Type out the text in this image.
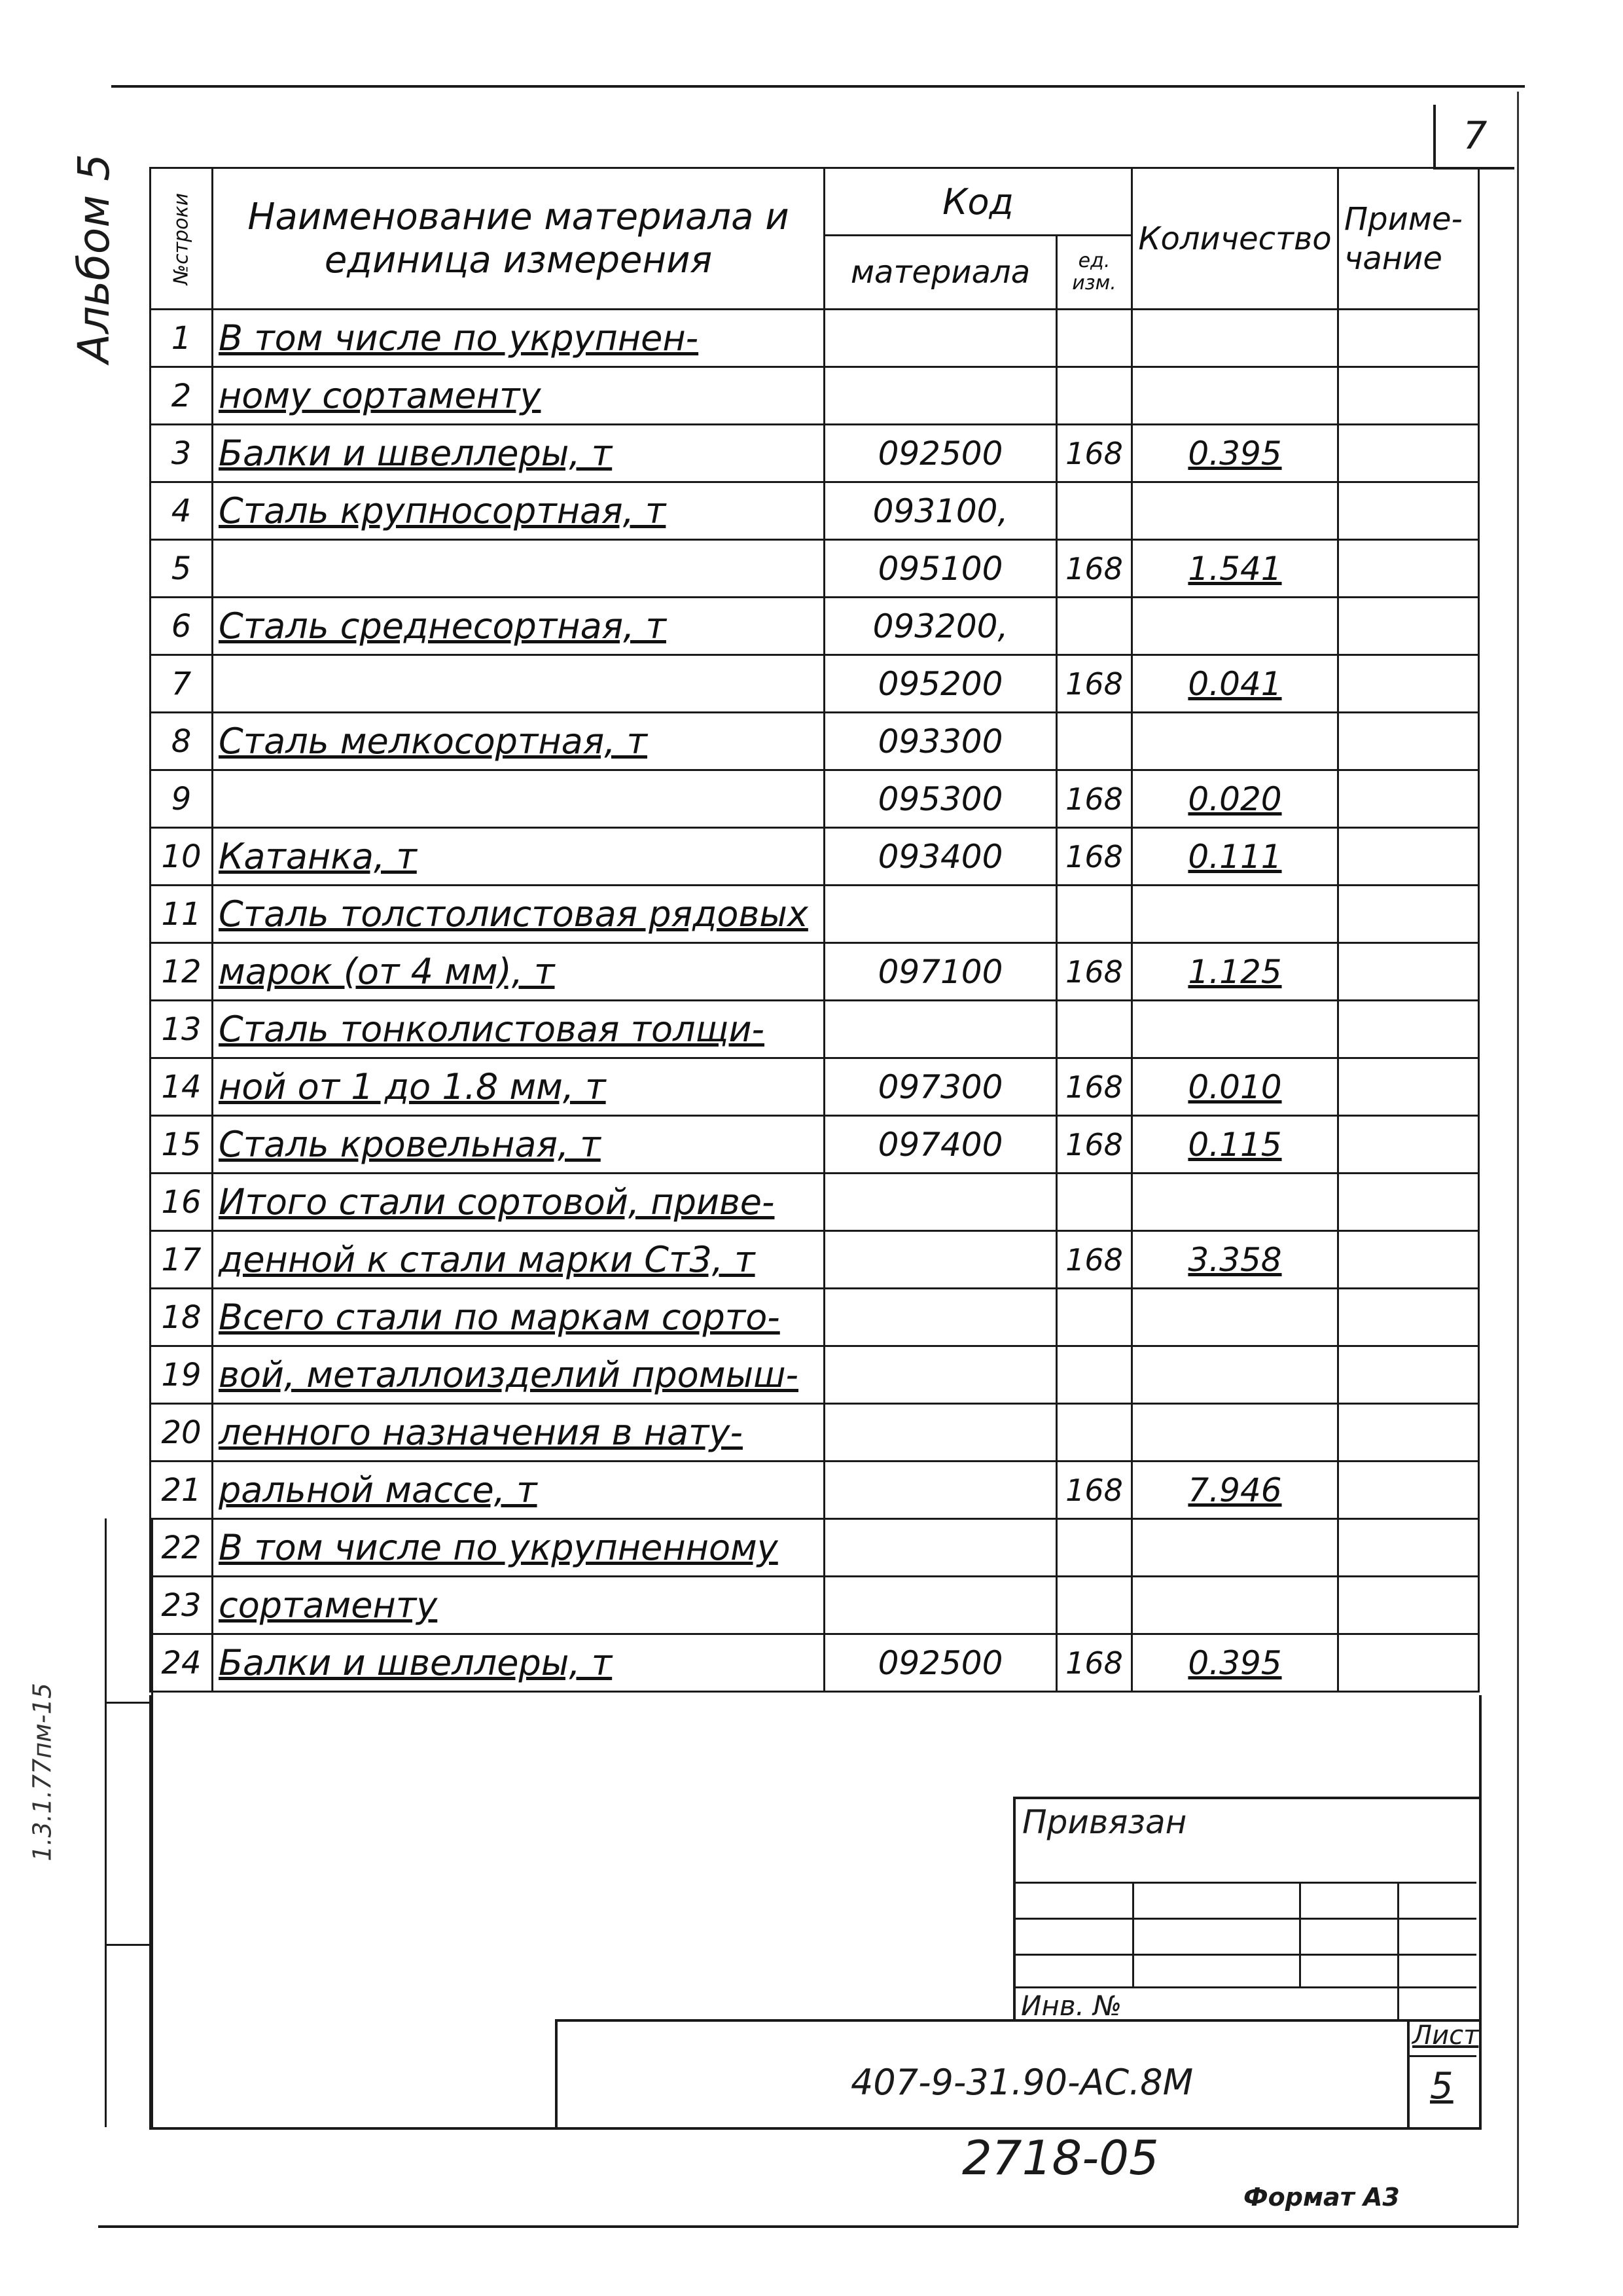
7
Альбом 5
1.3.1.77пм-15
№строки	Наименование материала и единица измерения	Код		Количество	Приме- чание
		материала	ед. изм.		
1	В том числе по укрупнен-				
2	ному сортаменту				
3	Балки и швеллеры, т	092500	168	0.395	
4	Сталь крупносортная, т	093100,			
5		095100	168	1.541	
6	Сталь среднесортная, т	093200,			
7		095200	168	0.041	
8	Сталь мелкосортная, т	093300			
9		095300	168	0.020	
10	Катанка, т	093400	168	0.111	
11	Сталь толстолистовая рядовых				
12	марок (от 4 мм), т	097100	168	1.125	
13	Сталь тонколистовая толщи-				
14	ной от 1 до 1.8 мм, т	097300	168	0.010	
15	Сталь кровельная, т	097400	168	0.115	
16	Итого стали сортовой, приве-				
17	денной к стали марки Ст3, т		168	3.358	
18	Всего стали по маркам сорто-				
19	вой, металлоизделий промыш-				
20	ленного назначения в нату-				
21	ральной массе, т		168	7.946	
22	В том числе по укрупненному				
23	сортаменту				
24	Балки и швеллеры, т	092500	168	0.395	
Привязан
Инв. №
407-9-31.90-АС.8М
Лист
5
2718-05
Формат А3
